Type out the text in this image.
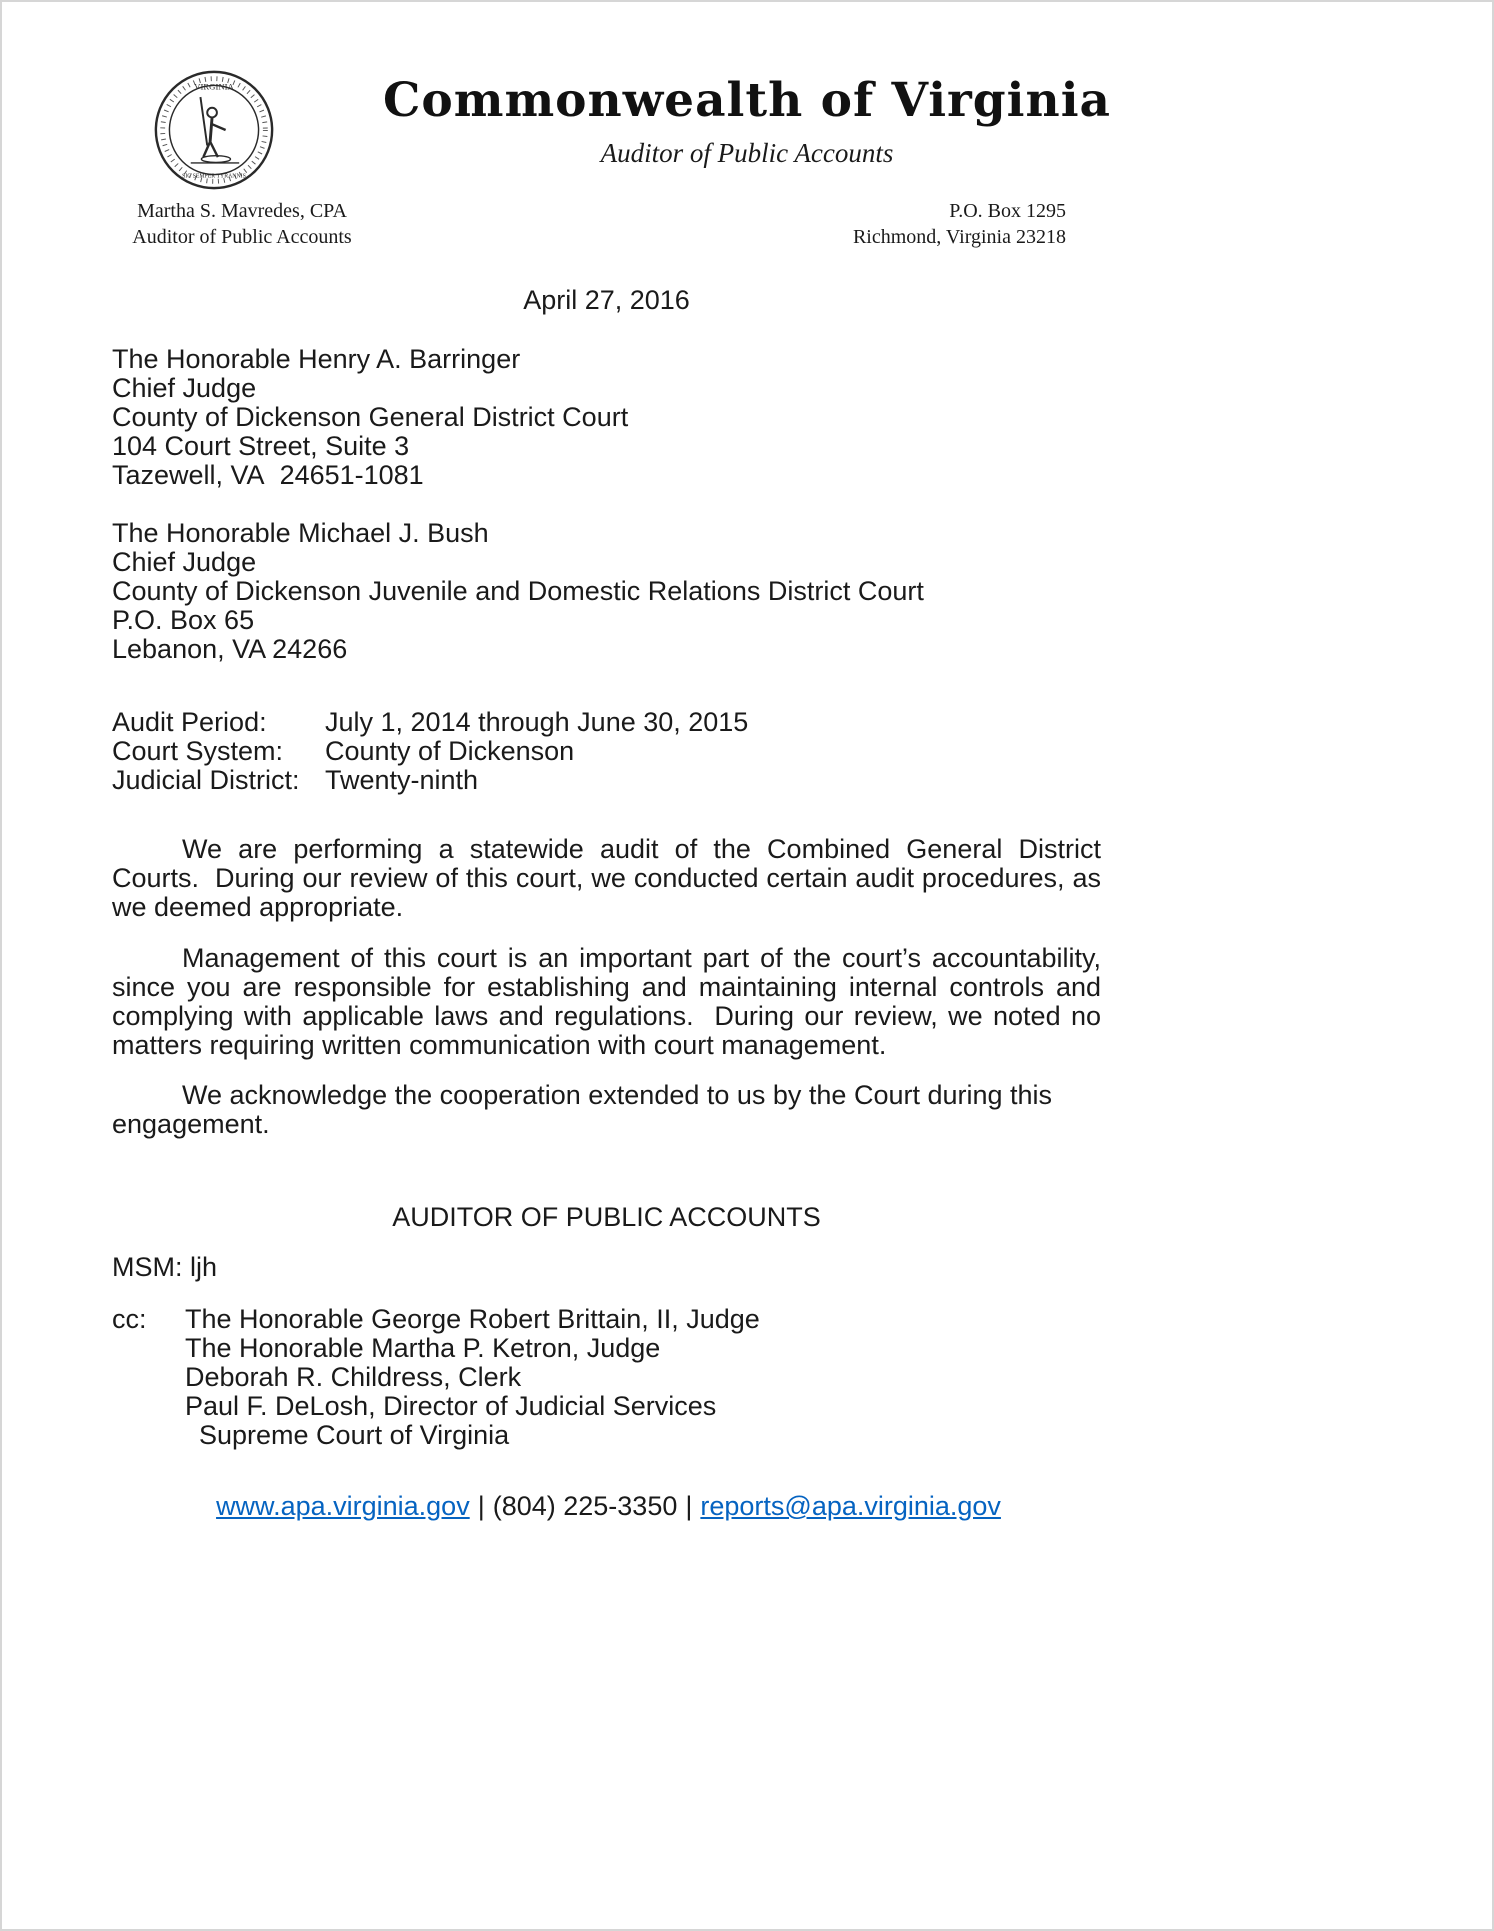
VIRGINIA
SIC SEMPER TYRANNIS
Commonwealth of Virginia
Auditor of Public Accounts
Martha S. Mavredes, CPA
Auditor of Public Accounts
P.O. Box 1295
Richmond, Virginia 23218
April 27, 2016
The Honorable Henry A. Barringer
Chief Judge
County of Dickenson General District Court
104 Court Street, Suite 3
Tazewell, VA  24651-1081
The Honorable Michael J. Bush
Chief Judge
County of Dickenson Juvenile and Domestic Relations District Court
P.O. Box 65
Lebanon, VA 24266
Audit Period:	July 1, 2014 through June 30, 2015
Court System:	County of Dickenson
Judicial District: Twenty-ninth
We are performing a statewide audit of the Combined General District Courts.  During our review of this court, we conducted certain audit procedures, as we deemed appropriate.
Management of this court is an important part of the court’s accountability, since you are responsible for establishing and maintaining internal controls and complying with applicable laws and regulations.  During our review, we noted no matters requiring written communication with court management.
We acknowledge the cooperation extended to us by the Court during this engagement.
AUDITOR OF PUBLIC ACCOUNTS
MSM: ljh
cc:	The Honorable George Robert Brittain, II, Judge
The Honorable Martha P. Ketron, Judge
Deborah R. Childress, Clerk
Paul F. DeLosh, Director of Judicial Services
Supreme Court of Virginia
www.apa.virginia.gov | (804) 225-3350 | reports@apa.virginia.gov
